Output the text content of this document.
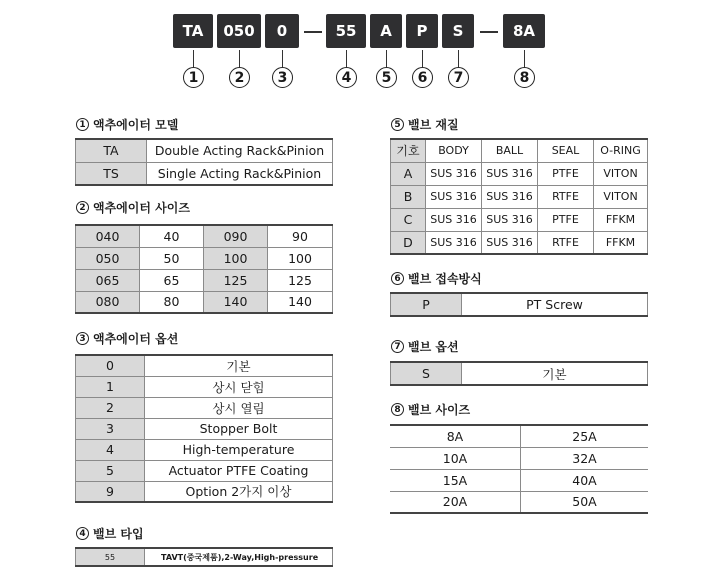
TA	050	0	55	A	P	S	8A
1	2	3	4	5	6	7	8
1 액추에이터 모델
TA	Double Acting Rack&Pinion
TS	Single Acting Rack&Pinion
2 액추에이터 사이즈
040	40	090	90
050	50	100	100
065	65	125	125
080	80	140	140
3 액추에이터 옵션
0	기본
1	상시 닫힘
2	상시 열림
3	Stopper Bolt
4	High-temperature
5	Actuator PTFE Coating
9	Option 2가지 이상
4 밸브 타입
55	TAVT(중국제품),2-Way,High-pressure
5 밸브 재질
기호	BODY	BALL	SEAL	O-RING
A	SUS 316	SUS 316	PTFE	VITON
B	SUS 316	SUS 316	RTFE	VITON
C	SUS 316	SUS 316	PTFE	FFKM
D	SUS 316	SUS 316	RTFE	FFKM
6 밸브 접속방식
P	PT Screw
7 밸브 옵션
S	기본
8 밸브 사이즈
8A	25A
10A	32A
15A	40A
20A	50A
